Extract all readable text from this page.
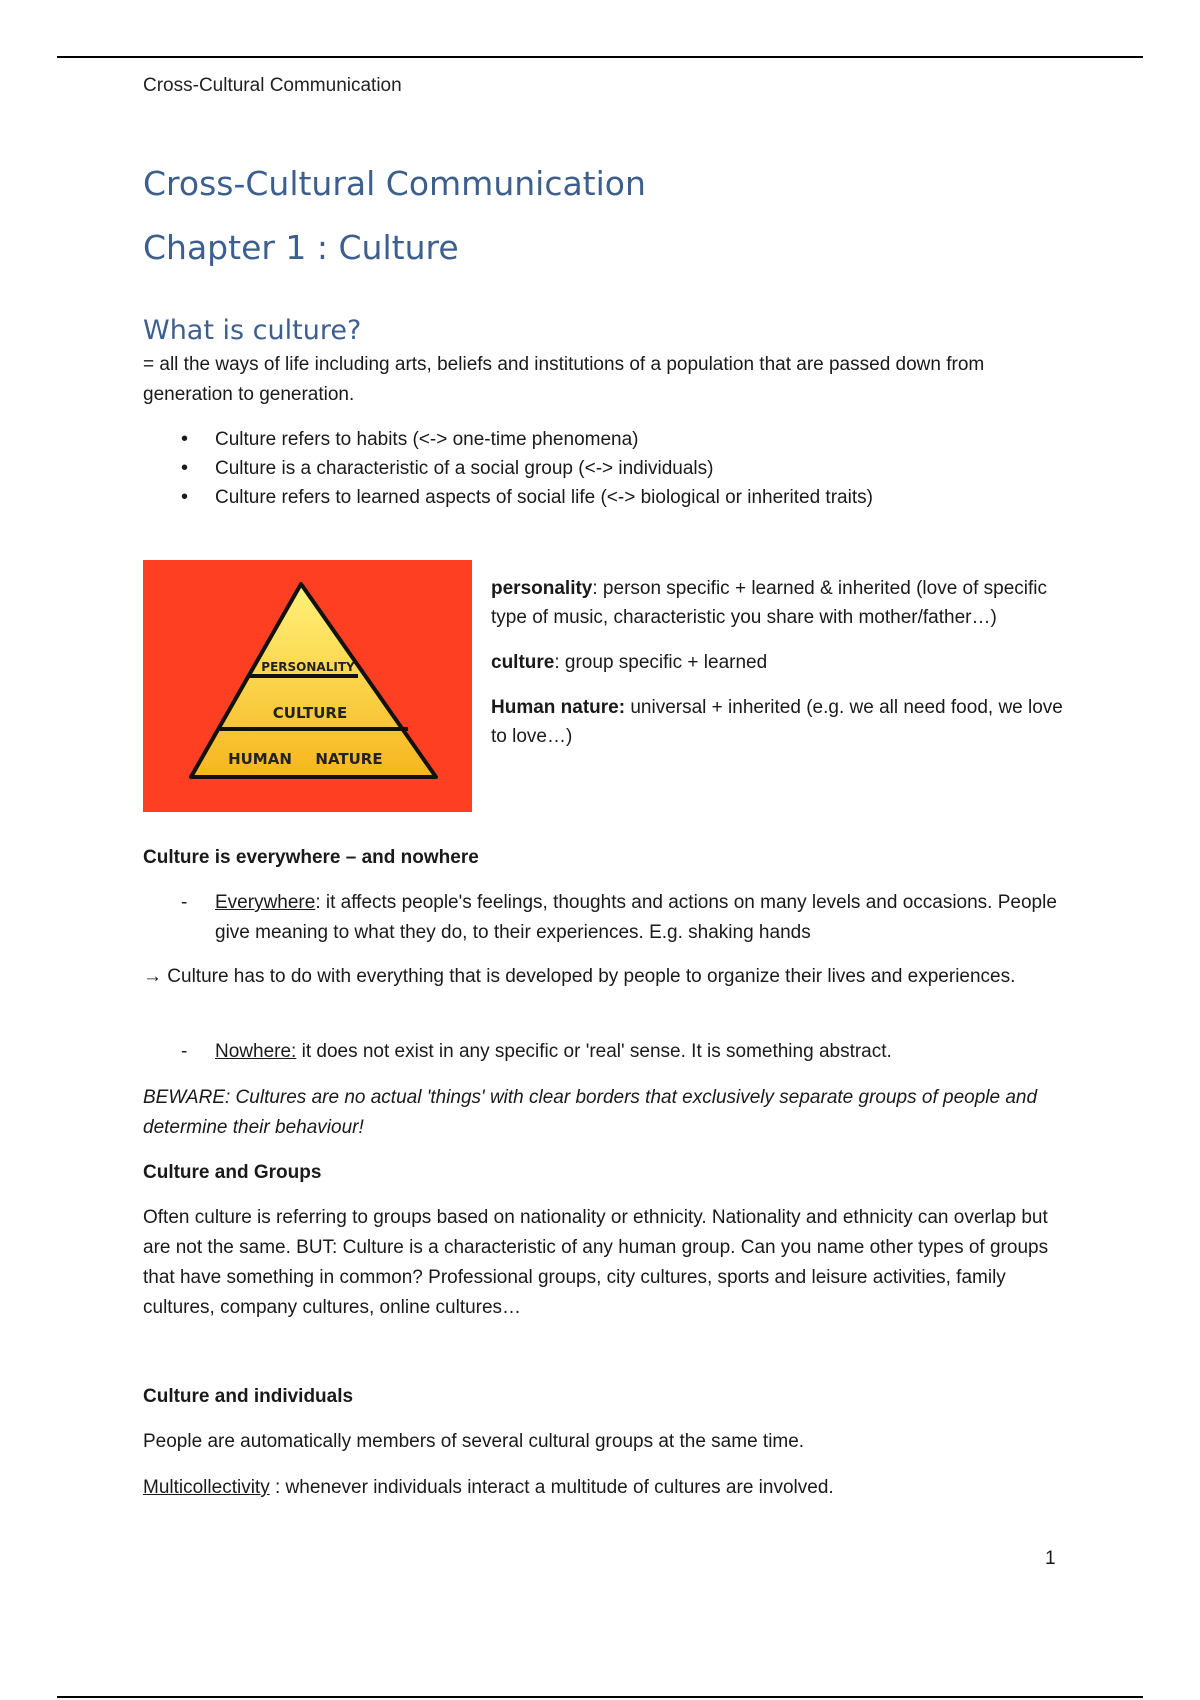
Cross-Cultural Communication
Cross-Cultural Communication
Chapter 1 : Culture
What is culture?
= all the ways of life including arts, beliefs and institutions of a population that are passed down from generation to generation.
• Culture refers to habits (<-> one-time phenomena)
• Culture is a characteristic of a social group (<-> individuals)
• Culture refers to learned aspects of social life (<-> biological or inherited traits)
PERSONALITY
CULTURE
HUMAN NATURE

personality: person specific + learned & inherited (love of specific type of music, characteristic you share with mother/father…)

culture: group specific + learned

Human nature: universal + inherited (e.g. we all need food, we love to love…)

Culture is everywhere – and nowhere
- Everywhere: it affects people's feelings, thoughts and actions on many levels and occasions. People give meaning to what they do, to their experiences. E.g. shaking hands
→ Culture has to do with everything that is developed by people to organize their lives and experiences.
- Nowhere: it does not exist in any specific or 'real' sense. It is something abstract.
BEWARE: Cultures are no actual 'things' with clear borders that exclusively separate groups of people and determine their behaviour!
Culture and Groups
Often culture is referring to groups based on nationality or ethnicity. Nationality and ethnicity can overlap but are not the same. BUT: Culture is a characteristic of any human group. Can you name other types of groups that have something in common? Professional groups, city cultures, sports and leisure activities, family cultures, company cultures, online cultures…
Culture and individuals
People are automatically members of several cultural groups at the same time.
Multicollectivity : whenever individuals interact a multitude of cultures are involved.
1
